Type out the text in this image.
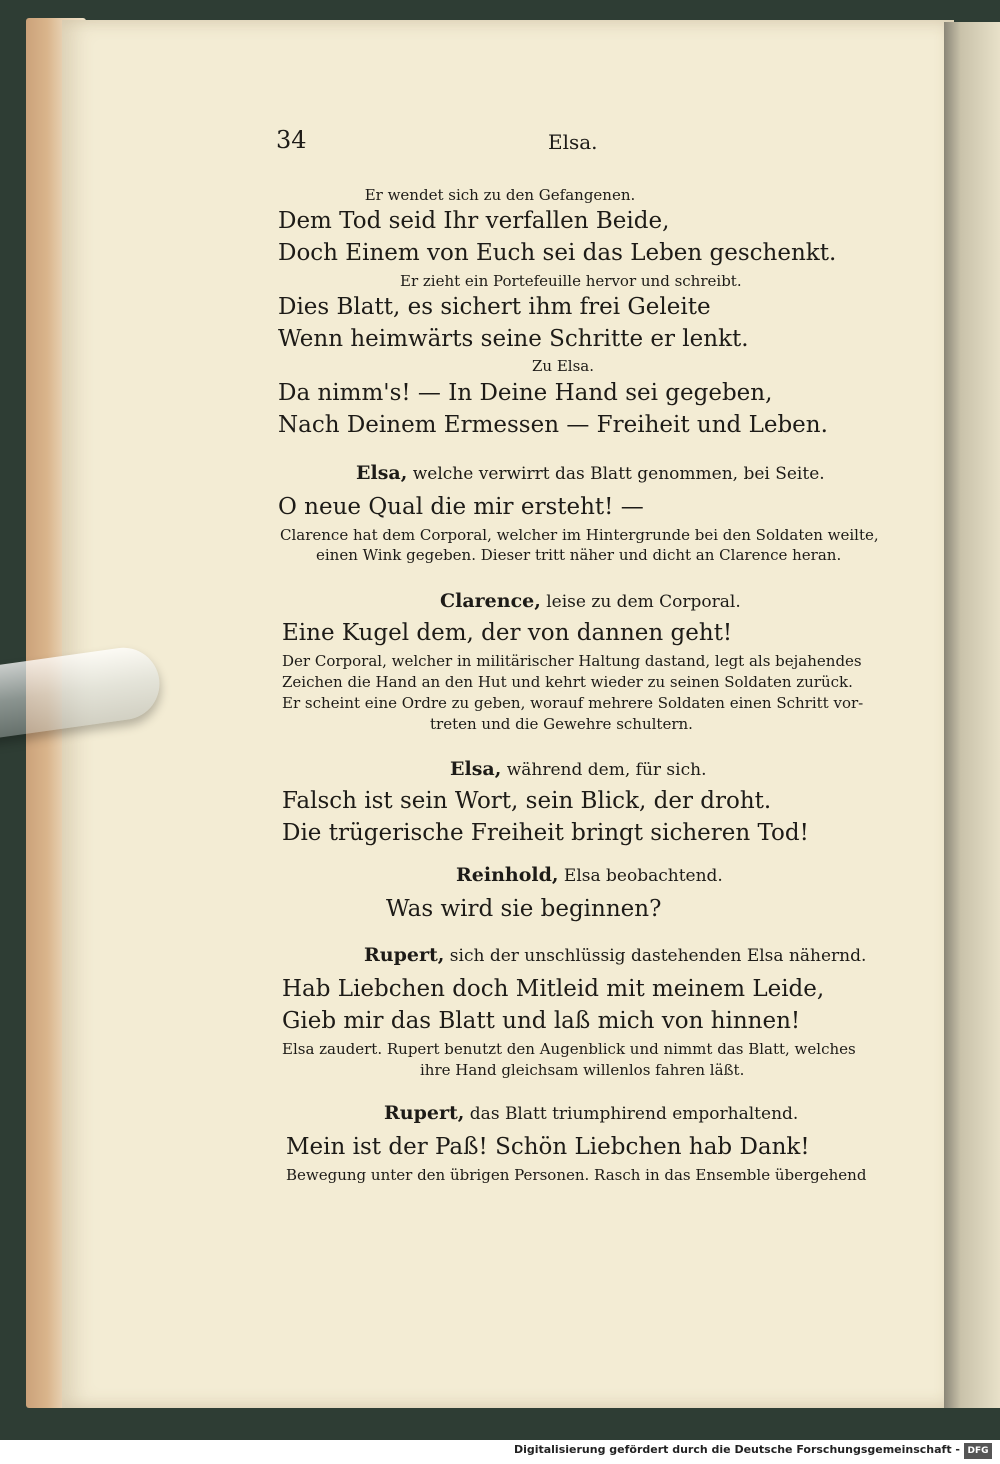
34	Elsa.
Er wendet sich zu den Gefangenen.
Dem Tod seid Ihr verfallen Beide,
Doch Einem von Euch sei das Leben geschenkt.
Er zieht ein Portefeuille hervor und schreibt.
Dies Blatt, es sichert ihm frei Geleite
Wenn heimwärts seine Schritte er lenkt.
Zu Elsa.
Da nimm's! — In Deine Hand sei gegeben,
Nach Deinem Ermessen — Freiheit und Leben.
Elsa, welche verwirrt das Blatt genommen, bei Seite.
O neue Qual die mir ersteht! —
Clarence hat dem Corporal, welcher im Hintergrunde bei den Soldaten weilte,
einen Wink gegeben. Dieser tritt näher und dicht an Clarence heran.
Clarence, leise zu dem Corporal.
Eine Kugel dem, der von dannen geht!
Der Corporal, welcher in militärischer Haltung dastand, legt als bejahendes
Zeichen die Hand an den Hut und kehrt wieder zu seinen Soldaten zurück.
Er scheint eine Ordre zu geben, worauf mehrere Soldaten einen Schritt vor-
treten und die Gewehre schultern.
Elsa, während dem, für sich.
Falsch ist sein Wort, sein Blick, der droht.
Die trügerische Freiheit bringt sicheren Tod!
Reinhold, Elsa beobachtend.
Was wird sie beginnen?
Rupert, sich der unschlüssig dastehenden Elsa nähernd.
Hab Liebchen doch Mitleid mit meinem Leide,
Gieb mir das Blatt und laß mich von hinnen!
Elsa zaudert. Rupert benutzt den Augenblick und nimmt das Blatt, welches
ihre Hand gleichsam willenlos fahren läßt.
Rupert, das Blatt triumphirend emporhaltend.
Mein ist der Paß! Schön Liebchen hab Dank!
Bewegung unter den übrigen Personen. Rasch in das Ensemble übergehend
Digitalisierung gefördert durch die Deutsche Forschungsgemeinschaft - DFG
